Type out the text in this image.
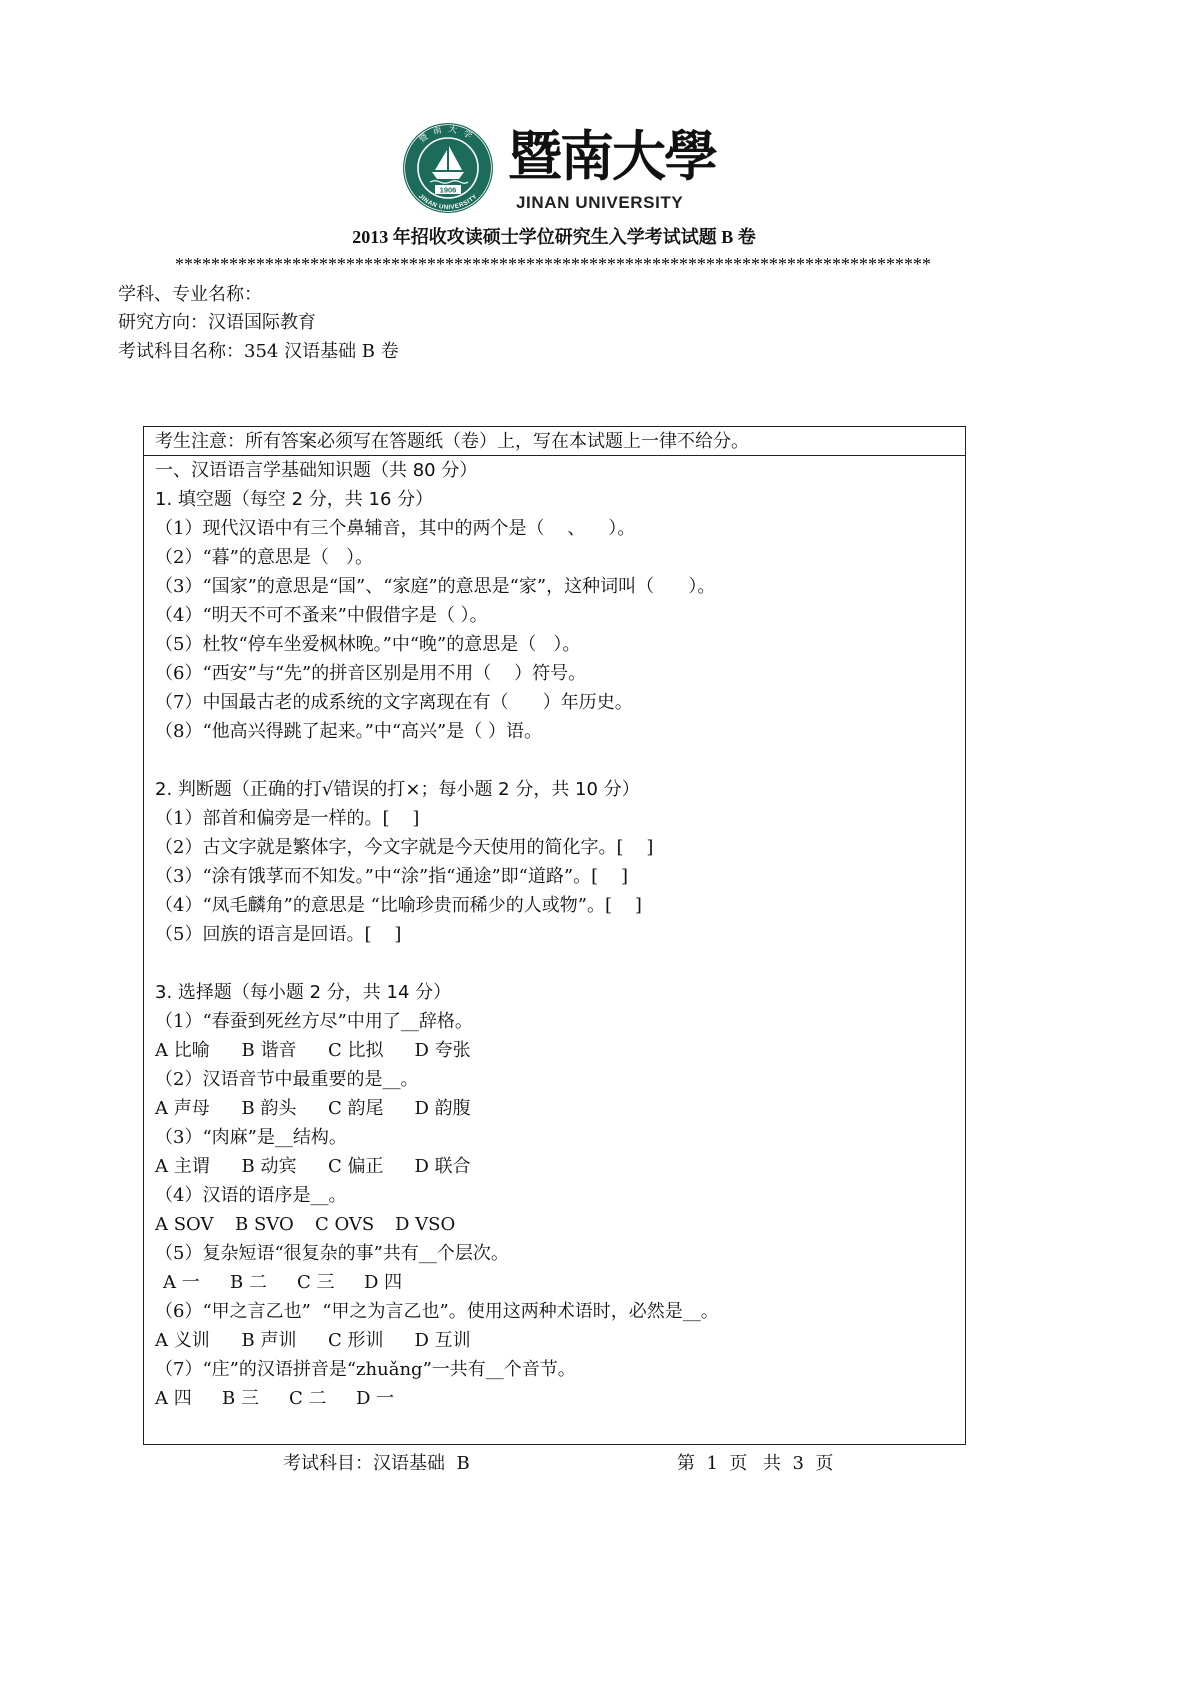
1906
暨南大学
JINAN UNIVERSITY
暨南大學
JINAN UNIVERSITY
2013 年招收攻读硕士学位研究生入学考试试题 B 卷
************************************************************************************
学科、专业名称：
研究方向：汉语国际教育
考试科目名称：354 汉语基础 B 卷
考生注意：所有答案必须写在答题纸（卷）上，写在本试题上一律不给分。
一、汉语语言学基础知识题（共 80 分）
1. 填空题（每空 2 分，共 16 分）
（1）现代汉语中有三个鼻辅音，其中的两个是（    、    ）。
（2）“暮”的意思是（   ）。
（3）“国家”的意思是“国”、“家庭”的意思是“家”，这种词叫（      ）。
（4）“明天不可不蚤来”中假借字是（ ）。
（5）杜牧“停车坐爱枫林晚。”中“晚”的意思是（   ）。
（6）“西安”与“先”的拼音区别是用不用（    ）符号。
（7）中国最古老的成系统的文字离现在有（      ）年历史。
（8）“他高兴得跳了起来。”中“高兴”是（ ）语。
2. 判断题（正确的打√错误的打×；每小题 2 分，共 10 分）
（1）部首和偏旁是一样的。[    ]
（2）古文字就是繁体字，今文字就是今天使用的简化字。[    ]
（3）“涂有饿莩而不知发。”中“涂”指“通途”即“道路”。[    ]
（4）“凤毛麟角”的意思是 “比喻珍贵而稀少的人或物”。[    ]
（5）回族的语言是回语。[    ]
3. 选择题（每小题 2 分，共 14 分）
（1）“春蚕到死丝方尽”中用了__辞格。
A 比喻	B 谐音	C 比拟	D 夸张
（2）汉语音节中最重要的是__。
A 声母	B 韵头	C 韵尾	D 韵腹
（3）“肉麻”是__结构。
A 主谓	B 动宾	C 偏正	D 联合
（4）汉语的语序是__。
A SOV	B SVO	C OVS	D VSO
（5）复杂短语“很复杂的事”共有__个层次。
A 一	B 二	C 三	D 四
（6）“甲之言乙也”  “甲之为言乙也”。使用这两种术语时，必然是__。
A 义训	B 声训	C 形训	D 互训
（7）“庄”的汉语拼音是“zhuǎng”一共有__个音节。
A 四	B 三	C 二	D 一
考试科目：汉语基础  B	第  1  页 共  3  页
